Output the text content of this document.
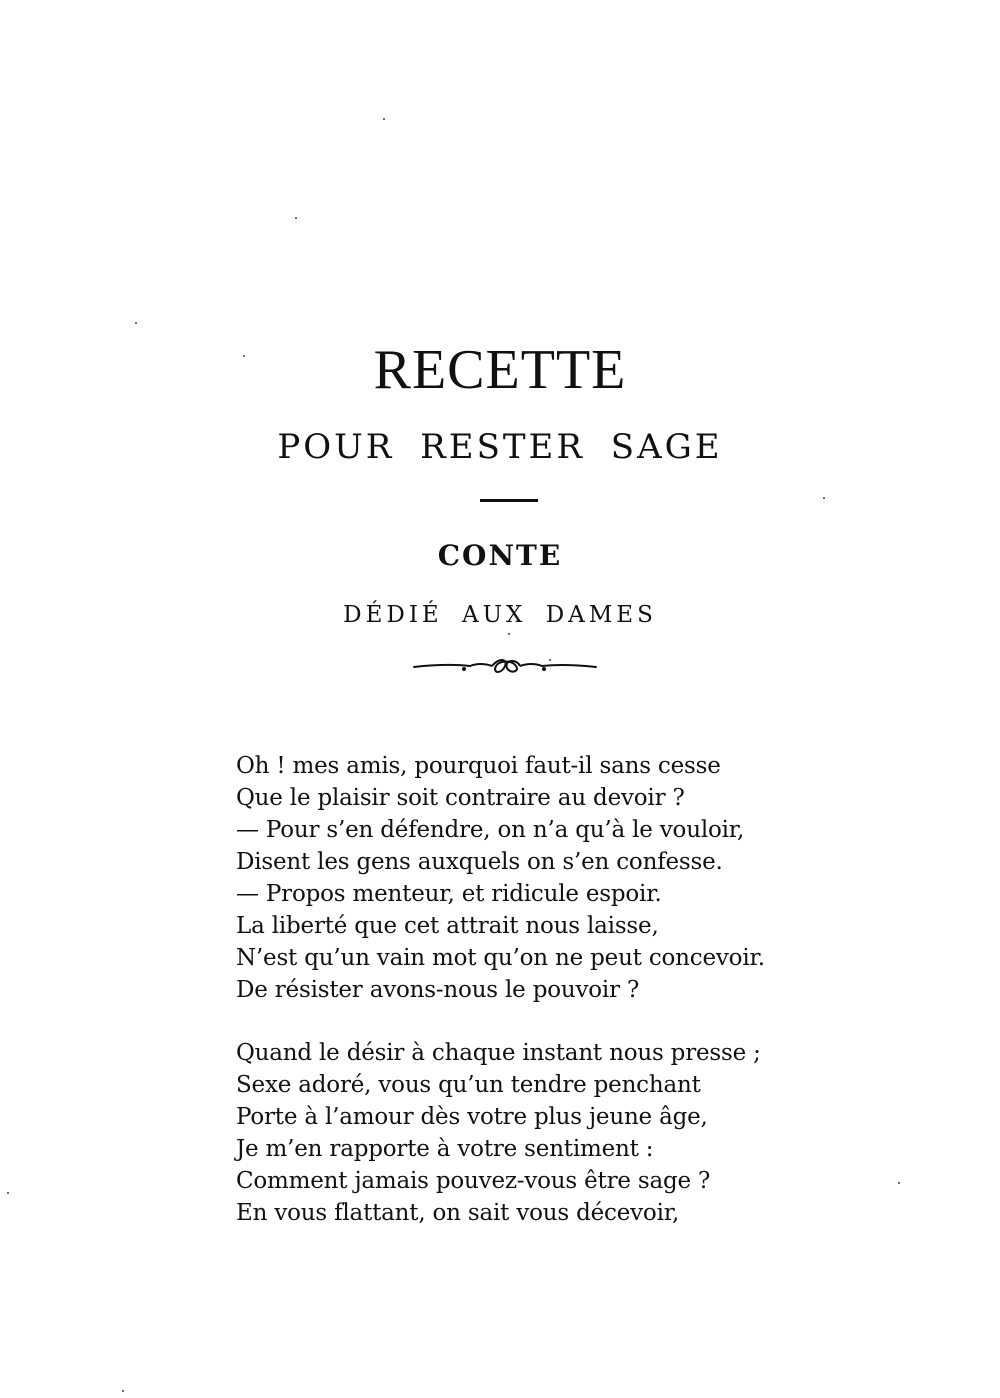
RECETTE
POUR RESTER SAGE
CONTE
DÉDIÉ AUX DAMES
Oh ! mes amis, pourquoi faut-il sans cesse
Que le plaisir soit contraire au devoir ?
— Pour s’en défendre, on n’a qu’à le vouloir,
Disent les gens auxquels on s’en confesse.
— Propos menteur, et ridicule espoir.
La liberté que cet attrait nous laisse,
N’est qu’un vain mot qu’on ne peut concevoir.
De résister avons-nous le pouvoir ?
Quand le désir à chaque instant nous presse ;
Sexe adoré, vous qu’un tendre penchant
Porte à l’amour dès votre plus jeune âge,
Je m’en rapporte à votre sentiment :
Comment jamais pouvez-vous être sage ?
En vous flattant, on sait vous décevoir,
